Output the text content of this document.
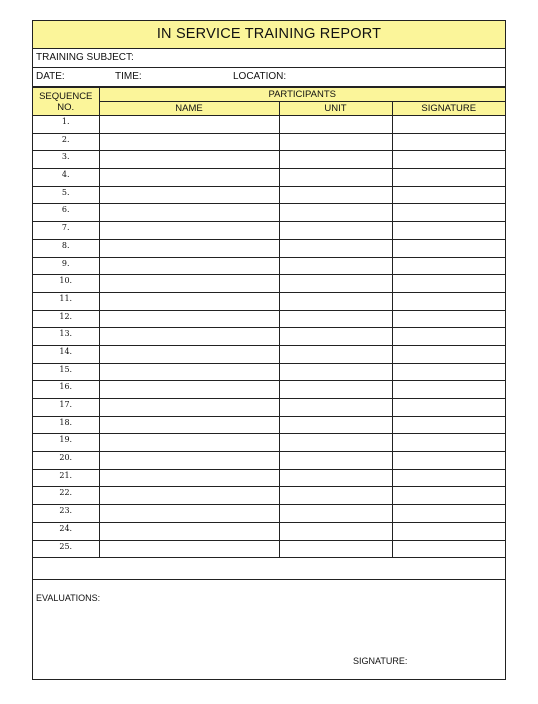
IN SERVICE TRAINING REPORT
TRAINING SUBJECT:
DATE:	TIME:	LOCATION:
SEQUENCE
NO.	PARTICIPANTS		
	NAME	UNIT	SIGNATURE
1.			
2.			
3.			
4.			
5.			
6.			
7.			
8.			
9.			
10.			
11.			
12.			
13.			
14.			
15.			
16.			
17.			
18.			
19.			
20.			
21.			
22.			
23.			
24.			
25.			
EVALUATIONS:
SIGNATURE:
